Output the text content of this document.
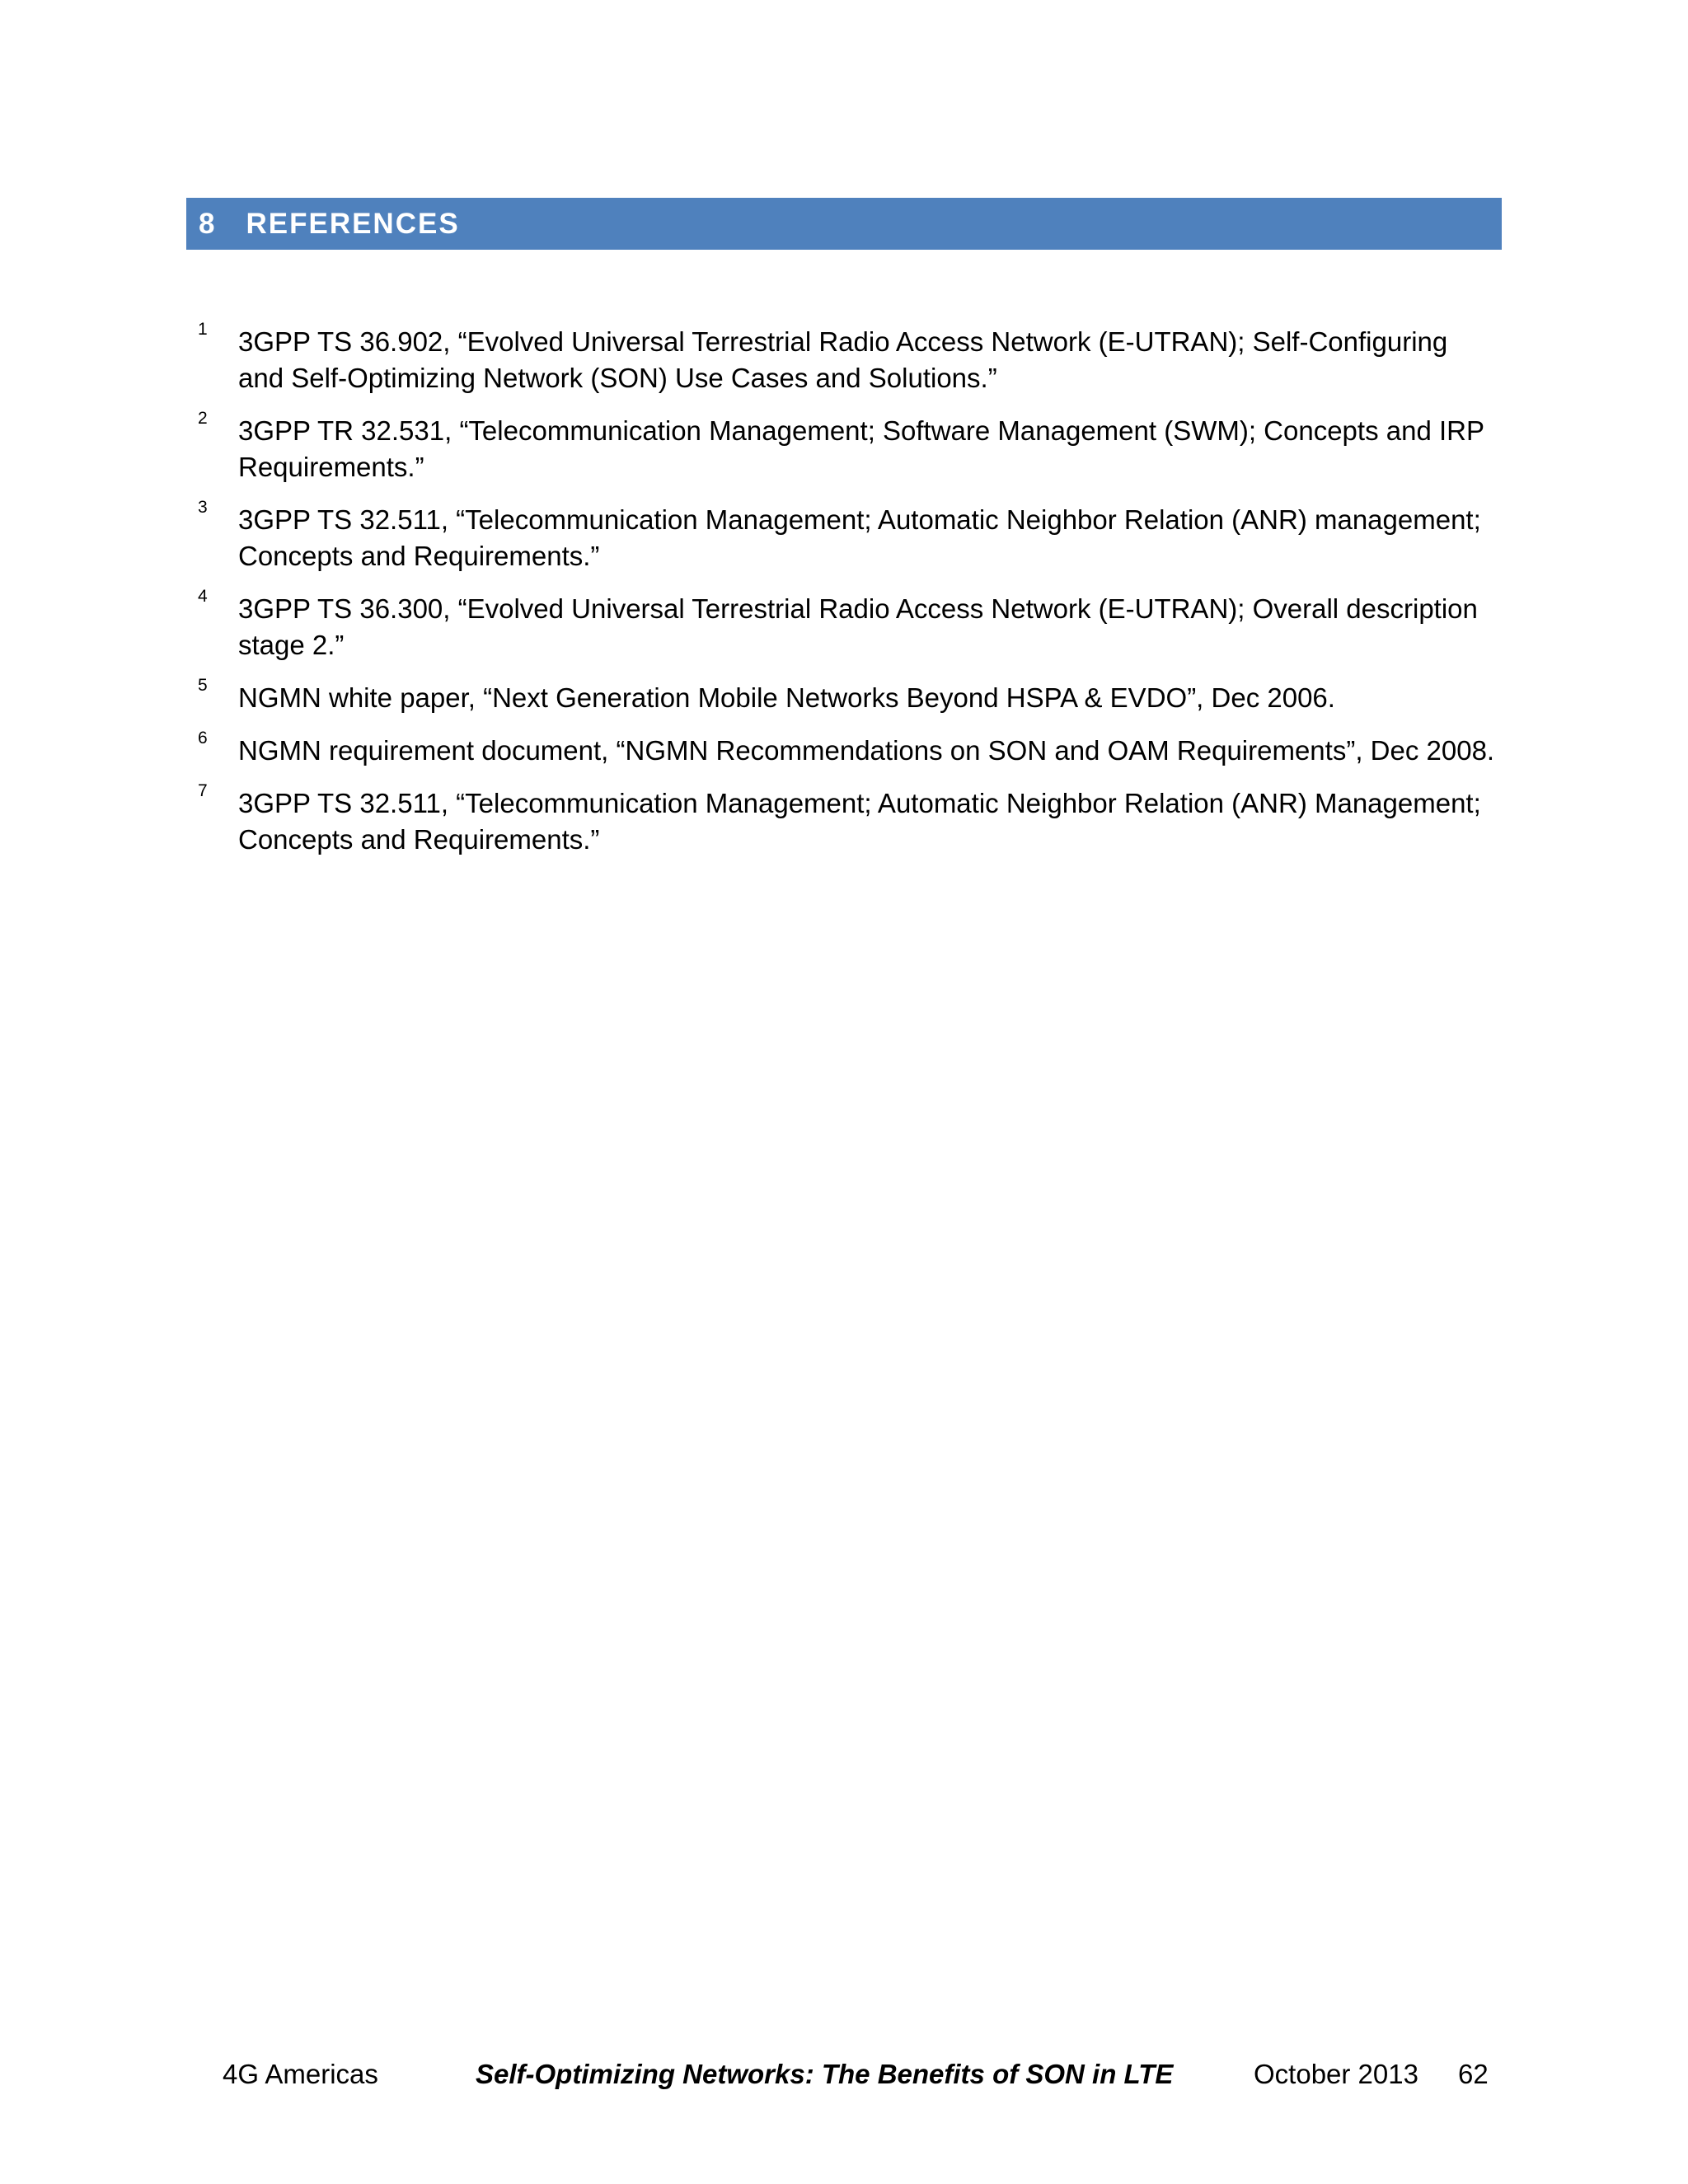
8 REFERENCES
1 3GPP TS 36.902, “Evolved Universal Terrestrial Radio Access Network (E-UTRAN); Self-Configuring and Self-Optimizing Network (SON) Use Cases and Solutions.”
2 3GPP TR 32.531, “Telecommunication Management; Software Management (SWM); Concepts and IRP Requirements.”
3 3GPP TS 32.511, “Telecommunication Management; Automatic Neighbor Relation (ANR) management; Concepts and Requirements.”
4 3GPP TS 36.300, “Evolved Universal Terrestrial Radio Access Network (E-UTRAN); Overall description stage 2.”
5 NGMN white paper, “Next Generation Mobile Networks Beyond HSPA & EVDO”, Dec 2006.
6 NGMN requirement document, “NGMN Recommendations on SON and OAM Requirements”, Dec 2008.
7 3GPP TS 32.511, “Telecommunication Management; Automatic Neighbor Relation (ANR) Management; Concepts and Requirements.”
4G Americas	Self-Optimizing Networks: The Benefits of SON in LTE	October 2013 62
